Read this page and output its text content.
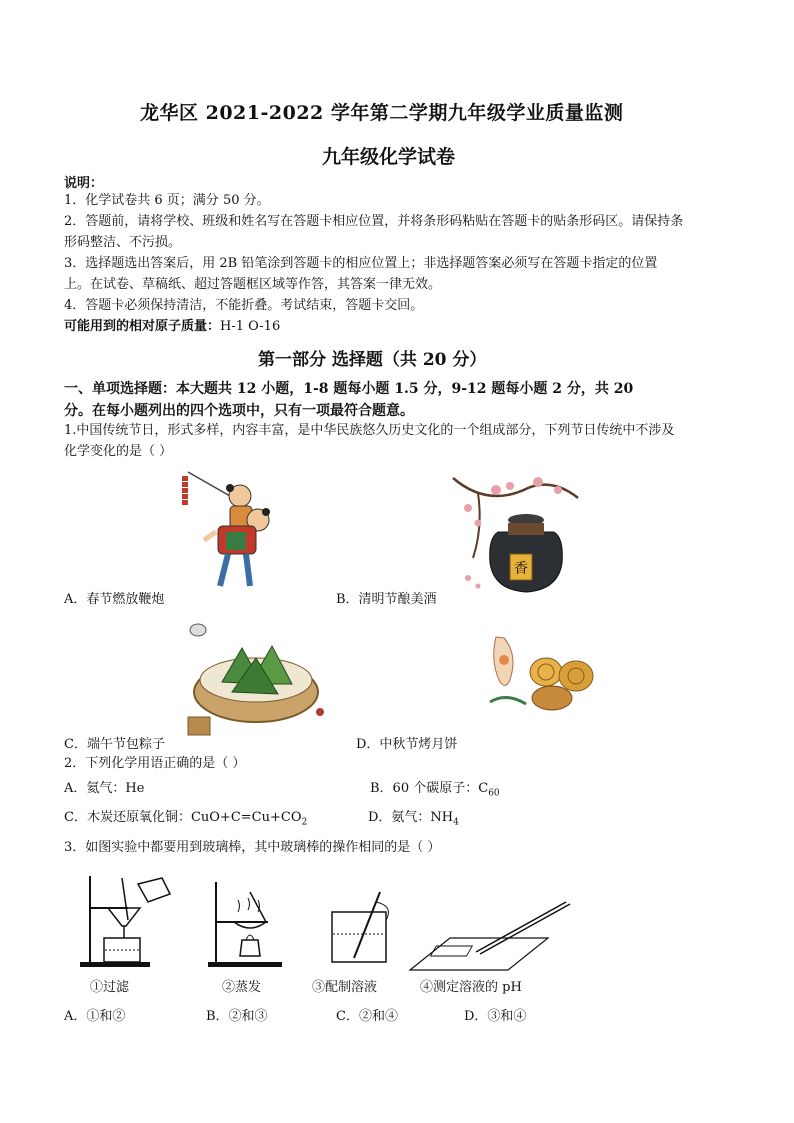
龙华区 2021-2022 学年第二学期九年级学业质量监测
九年级化学试卷
说明：
1．化学试卷共 6 页；满分 50 分。
2．答题前，请将学校、班级和姓名写在答题卡相应位置，并将条形码粘贴在答题卡的贴条形码区。请保持条
形码整洁、不污损。
3．选择题选出答案后，用 2B 铅笔涂到答题卡的相应位置上；非选择题答案必须写在答题卡指定的位置
上。在试卷、草稿纸、超过答题框区域等作答，其答案一律无效。
4．答题卡必须保持清洁，不能折叠。考试结束，答题卡交回。
可能用到的相对原子质量：H-1 O-16
第一部分 选择题（共 20 分）
一、单项选择题：本大题共 12 小题，1-8 题每小题 1.5 分，9-12 题每小题 2 分，共 20
分。在每小题列出的四个选项中，只有一项最符合题意。
1.中国传统节日，形式多样，内容丰富，是中华民族悠久历史文化的一个组成部分，下列节日传统中不涉及
化学变化的是（ ）
香
A．春节燃放鞭炮	B．清明节酿美酒
C．端午节包粽子	D．中秋节烤月饼
2．下列化学用语正确的是（ ）
A．氦气：He	B．60 个碳原子：$C_{60}$
C．木炭还原氧化铜：$CuO+C=Cu+CO_2$	D．氨气：$NH_4$
3．如图实验中都要用到玻璃棒，其中玻璃棒的操作相同的是（ ）
①过滤	②蒸发	③配制溶液	④测定溶液的 pH
A．①和②	B．②和③	C．②和④	D．③和④
